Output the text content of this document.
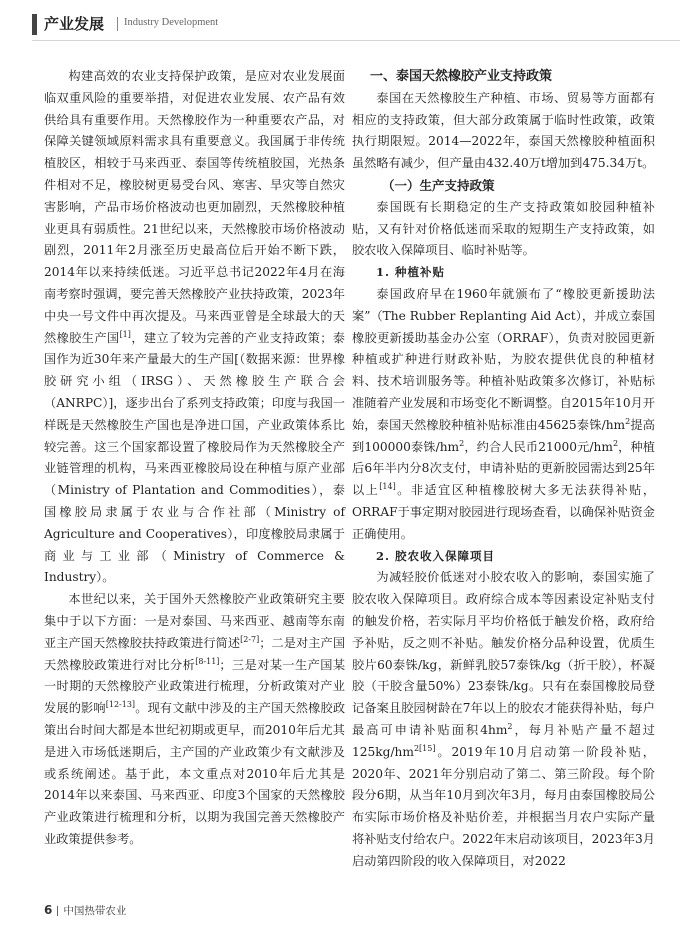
产业发展 Industry Development

构建高效的农业支持保护政策，是应对农业发展面临双重风险的重要举措，对促进农业发展、农产品有效供给具有重要作用。天然橡胶作为一种重要农产品，对保障关键领域原料需求具有重要意义。我国属于非传统植胶区，相较于马来西亚、泰国等传统植胶国，光热条件相对不足，橡胶树更易受台风、寒害、旱灾等自然灾害影响，产品市场价格波动也更加剧烈，天然橡胶种植业更具有弱质性。21世纪以来，天然橡胶市场价格波动剧烈，2011年2月涨至历史最高位后开始不断下跌，2014年以来持续低迷。习近平总书记2022年4月在海南考察时强调，要完善天然橡胶产业扶持政策，2023年中央一号文件中再次提及。马来西亚曾是全球最大的天然橡胶生产国[1]，建立了较为完善的产业支持政策；泰国作为近30年来产量最大的生产国[（数据来源：世界橡胶研究小组（IRSG）、天然橡胶生产联合会（ANRPC）]，逐步出台了系列支持政策；印度与我国一样既是天然橡胶生产国也是净进口国，产业政策体系比较完善。这三个国家都设置了橡胶局作为天然橡胶全产业链管理的机构，马来西亚橡胶局设在种植与原产业部（Ministry of Plantation and Commodities），泰国橡胶局隶属于农业与合作社部（Ministry of Agriculture and Cooperatives），印度橡胶局隶属于商业与工业部（Ministry of Commerce & Industry）。

本世纪以来，关于国外天然橡胶产业政策研究主要集中于以下方面：一是对泰国、马来西亚、越南等东南亚主产国天然橡胶扶持政策进行简述[2-7]；二是对主产国天然橡胶政策进行对比分析[8-11]；三是对某一生产国某一时期的天然橡胶产业政策进行梳理，分析政策对产业发展的影响[12-13]。现有文献中涉及的主产国天然橡胶政策出台时间大都是本世纪初期或更早，而2010年后尤其是进入市场低迷期后，主产国的产业政策少有文献涉及或系统阐述。基于此，本文重点对2010年后尤其是2014年以来泰国、马来西亚、印度3个国家的天然橡胶产业政策进行梳理和分析，以期为我国完善天然橡胶产业政策提供参考。

一、泰国天然橡胶产业支持政策

泰国在天然橡胶生产种植、市场、贸易等方面都有相应的支持政策，但大部分政策属于临时性政策，政策执行期限短。2014—2022年，泰国天然橡胶种植面积虽然略有减少，但产量由432.40万t增加到475.34万t。

（一）生产支持政策

泰国既有长期稳定的生产支持政策如胶园种植补贴，又有针对价格低迷而采取的短期生产支持政策，如胶农收入保障项目、临时补贴等。

1. 种植补贴

泰国政府早在1960年就颁布了“橡胶更新援助法案”（The Rubber Replanting Aid Act），并成立泰国橡胶更新援助基金办公室（ORRAF），负责对胶园更新种植或扩种进行财政补贴，为胶农提供优良的种植材料、技术培训服务等。种植补贴政策多次修订，补贴标准随着产业发展和市场变化不断调整。自2015年10月开始，泰国天然橡胶种植补贴标准由45625泰铢$/hm^2$提高到100000泰铢$/hm^2$，约合人民币21000元$/hm^2$，种植后6年半内分8次支付，申请补贴的更新胶园需达到25年以上[14]。非适宜区种植橡胶树大多无法获得补贴，ORRAF于事定期对胶园进行现场查看，以确保补贴资金正确使用。

2. 胶农收入保障项目

为减轻胶价低迷对小胶农收入的影响，泰国实施了胶农收入保障项目。政府综合成本等因素设定补贴支付的触发价格，若实际月平均价格低于触发价格，政府给予补贴，反之则不补贴。触发价格分品种设置，优质生胶片60泰铢/kg，新鲜乳胶57泰铢/kg（折干胶），杯凝胶（干胶含量50%）23泰铢/kg。只有在泰国橡胶局登记备案且胶园树龄在7年以上的胶农才能获得补贴，每户最高可申请补贴面积$4hm^2$，每月补贴产量不超过$125kg/hm^{2[15]}$。2019年10月启动第一阶段补贴，2020年、2021年分别启动了第二、第三阶段。每个阶段分6期，从当年10月到次年3月，每月由泰国橡胶局公布实际市场价格及补贴价差，并根据当月农户实际产量将补贴支付给农户。2022年末启动该项目，2023年3月启动第四阶段的收入保障项目，对2022

6 中国热带农业
